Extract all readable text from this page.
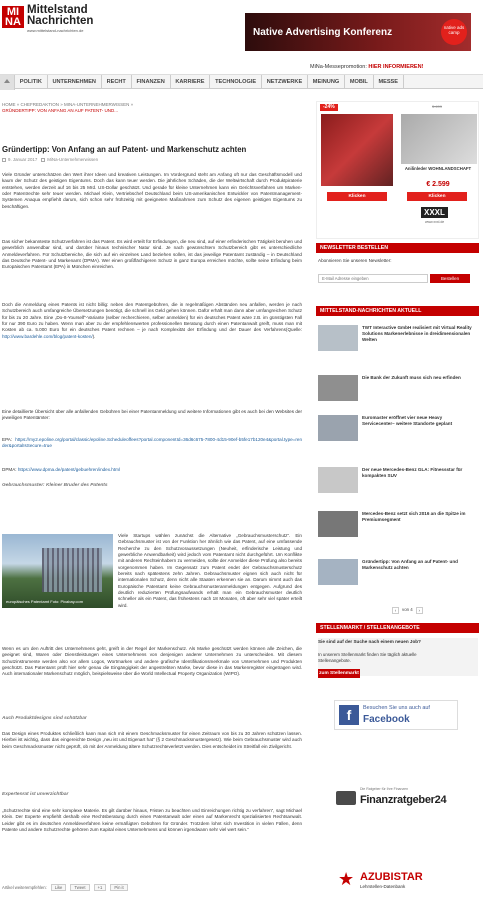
MI NA
Mittelstand
Nachrichten
www.mittelstand-nachrichten.de	Native Advertising Konferenz	native ads camp
MiNa-Messepromotion: HIER INFORMIEREN!
POLITIK	UNTERNEHMEN	RECHT	FINANZEN	KARRIERE	TECHNOLOGIE	NETZWERKE	MEINUNG	MOBIL	MESSE
HOME » CHEFREDAKTION » MINA-UNTERNEHMERWISSEN »
GRÜNDERTIPP: VON ANFANG AN AUF PATENT- UND...
Gründertipp: Von Anfang an auf Patent- und Markenschutz achten
9. Januar 2017	MiNa-Unternehmerwissen

Viele Gründer unterschätzen den Wert ihrer Ideen und kreativen Leistungen. Im Vordergrund steht am Anfang oft nur das Geschäftsmodell und kaum der Schutz des geistigen Eigentums. Doch das kann teuer werden. Die jährlichen Schäden, die der Weltwirtschaft durch Produktpiraterie entstehen, werden derzeit auf 16 bis 25 Mrd. US-Dollar geschätzt. Und gerade für kleine Unternehmen kann ein Gerichtsverfahren um Marken- oder Patentrechte sehr teuer werden. Michael Klein, Vertriebschef Deutschland beim US-amerikanischen Entwickler von Patentmanagement-Systemen Anaqua empfiehlt darum, sich schon sehr frühzeitig mit geeigneten Maßnahmen zum Schutz des eigenen geistigen Eigentums zu beschäftigen.

Das sicher bekannteste Schutzverfahren ist das Patent. Es wird erteilt für Erfindungen, die neu sind, auf einer erfinderischen Tätigkeit beruhen und gewerblich anwendbar sind, und darüber hinaus technischer Natur sind. Je nach gewünschtem Schutzbereich gibt es unterschiedliche Anmeldeverfahren. Für Schutzbereiche, die sich auf ein einzelnes Land beziehen sollen, ist das jeweilige Patentamt zuständig – in Deutschland das Deutsche Patent- und Markenamt (DPMA). Wer einen großflächigeren Schutz in ganz Europa erreichen möchte, sollte seine Erfindung beim Europäischen Patentamt (EPA) in München einreichen.

Doch die Anmeldung eines Patents ist nicht billig: neben den Patentgebühren, die in regelmäßigen Abständen neu anfallen, werden je nach Schutzbereich auch umfangreiche Übersetzungen benötigt, die schnell ins Geld gehen können. Dafür erhält man dann aber umfangreichen Schutz für bis zu 20 Jahre. Eine „Do-It-Yourself“-Variante (selber recherchieren, selber anmelden) für ein deutsches Patent wäre z.B. im günstigsten Fall für nur 390 Euro zu haben. Wenn man aber zu der empfehlenswerten professionellen Beratung durch einen Patentanwalt greift, muss man mit Kosten ab ca. 5.000 Euro für ein deutsches Patent rechnen – je nach Komplexität der Erfindung und der Dauer des Verfahrens(Quelle: http://www.bardehle.com/blog/patent-kosten/).

Eine detaillierte Übersicht über alle anfallenden Gebühren bei einer Patentanmeldung und weitere Informationen gibt es auch bei den Websites der jeweiligen Patentämter:

EPA: https://my2.epoline.org/portal/classic/epoline.Scheduleoffees?portal.componentId=36d6c675-7800-4d15-90ef-b5fe17b120e4&portal.type=render&portalIsSecure=true

DPMA: https://www.dpma.de/patent/gebuehren/index.html

Gebrauchsmuster: Kleiner Bruder des Patents

europäisches Patentamt Foto: Pixabay.com

Viele Startups wählen zunächst die Alternative „Gebrauchsmusterschutz“. Ein Gebrauchsmuster ist von der Funktion her ähnlich wie das Patent, auf eine umfassende Recherche zu den Schutzvoraussetzungen (Neuheit, erfinderische Leistung und gewerbliche Anwendbarkeit) wird jedoch vom Patentamt nicht durchgeführt. Um Konflikte mit anderen Rechteinhabern zu vermeiden, sollte der Anmelder diese Prüfung also bereits vorgenommen haben. Im Gegensatz zum Patent endet der Gebrauchsmusterschutz bereits nach spätestens zehn Jahren. Gebrauchsmuster eignen sich auch nicht für internationalen Schutz, denn nicht alle Staaten erkennen sie an. Darum nimmt auch das Europäische Patentamt keine Gebrauchsmusteranmeldungen entgegen. Aufgrund des deutlich reduzierten Prüfungsaufwands erhält man ein Gebrauchsmuster deutlich schneller als ein Patent, das frühestens nach 18 Monaten, oft aber sehr viel später erteilt wird.

Wenn es um den Auftritt des Unternehmens geht, greift in der Regel der Markenschutz. Als Marke geschützt werden können alle Zeichen, die geeignet sind, Waren oder Dienstleistungen eines Unternehmens von denjenigen anderer Unternehmen zu unterscheiden. Mit diesem Schutzinstrumente werden also vor allem Logos, Wortmarken und andere grafische Identifikationsmerkmale von Unternehmen und Produkten geschützt. Das Patentamt prüft hier sehr genau die Eingängigkeit der angestrebten Marke, bevor diese in das Markenregister eingetragen wird. Auch internationaler Markenschutz möglich, beispielsweise über die World Intellectual Property Organization (WIPO).

Auch Produktdesigns sind schützbar

Das Design eines Produktes schließlich kann man sich mit einem Geschmacksmuster für einen Zeitraum von bis zu 30 Jahren schützen lassen. Hierbei ist wichtig, dass das eingereichte Design „neu ist und Eigenart hat“ (§ 2 Geschmacksmustergesetz). Wie beim Gebrauchsmuster wird auch beim Geschmacksmuster nicht geprüft, ob mit der Anmeldung ältere Schutzrechteverletzt werden. Dies entscheidet im Streitfall ein Zivilgericht.

Expertenrat ist unverzichtbar

„Schutzrechte sind eine sehr komplexe Materie. Es gilt darüber hinaus, Fristen zu beachten und Einreichungen richtig zu verfahren“, sagt Michael Klein. Der Experte empfiehlt deshalb eine Rechtsberatung durch einen Patentanwalt oder einen auf Markenrecht spezialisierten Rechtsanwalt. Leider gibt es im deutschen Anmeldeverfahren keine ermäßigten Gebühren für Gründer. Trotzdem lohnt sich Investition in vielen Fällen, denn Patente und andere Schutzrechte gehören zum Kapital eines Unternehmens und können irgendwann sehr viel wert sein.“

Artikel weiterempfehlen:	Like	Tweet	+1	Pin it
-24%	3.499
Anilinleder WOHNLANDSCHAFT
€ 2.599
Klicken	Klicken
XXXL
www.xxxl.de
NEWSLETTER BESTELLEN
Abonnieren Sie unseren Newsletter:
E-Mail Adresse eingeben
Bestellen
MITTELSTAND-NACHRICHTEN AKTUELL
TWT Interactive GmbH realisiert mit Virtual Reality Solutions Markenerlebnisse in dreidimensionalen Welten
Die Bank der Zukunft muss sich neu erfinden
Euromaster eröffnet vier neue Heavy Servicecenter– weitere Standorte geplant
Der neue Mercedes-Benz GLA: Fitnessstar für kompakten SUV
Mercedes-Benz setzt sich 2016 an die Spitze im Premiumsegment
Gründertipp: Von Anfang an auf Patent- und Markenschutz achten
‹	von 4	›
STELLENMARKT / STELLENANGEBOTE
Sie sind auf der Suche nach einem neuen Job?
In unserem Stellenmarkt finden Sie täglich aktuelle Stellenangebote.
zum Stellenmarkt
f	Besuchen Sie uns auch auf
Facebook
Die Ratgeber für Ihre Finanzen
Finanzratgeber24
★ AZUBISTAR
Lehrstellen-Datenbank
